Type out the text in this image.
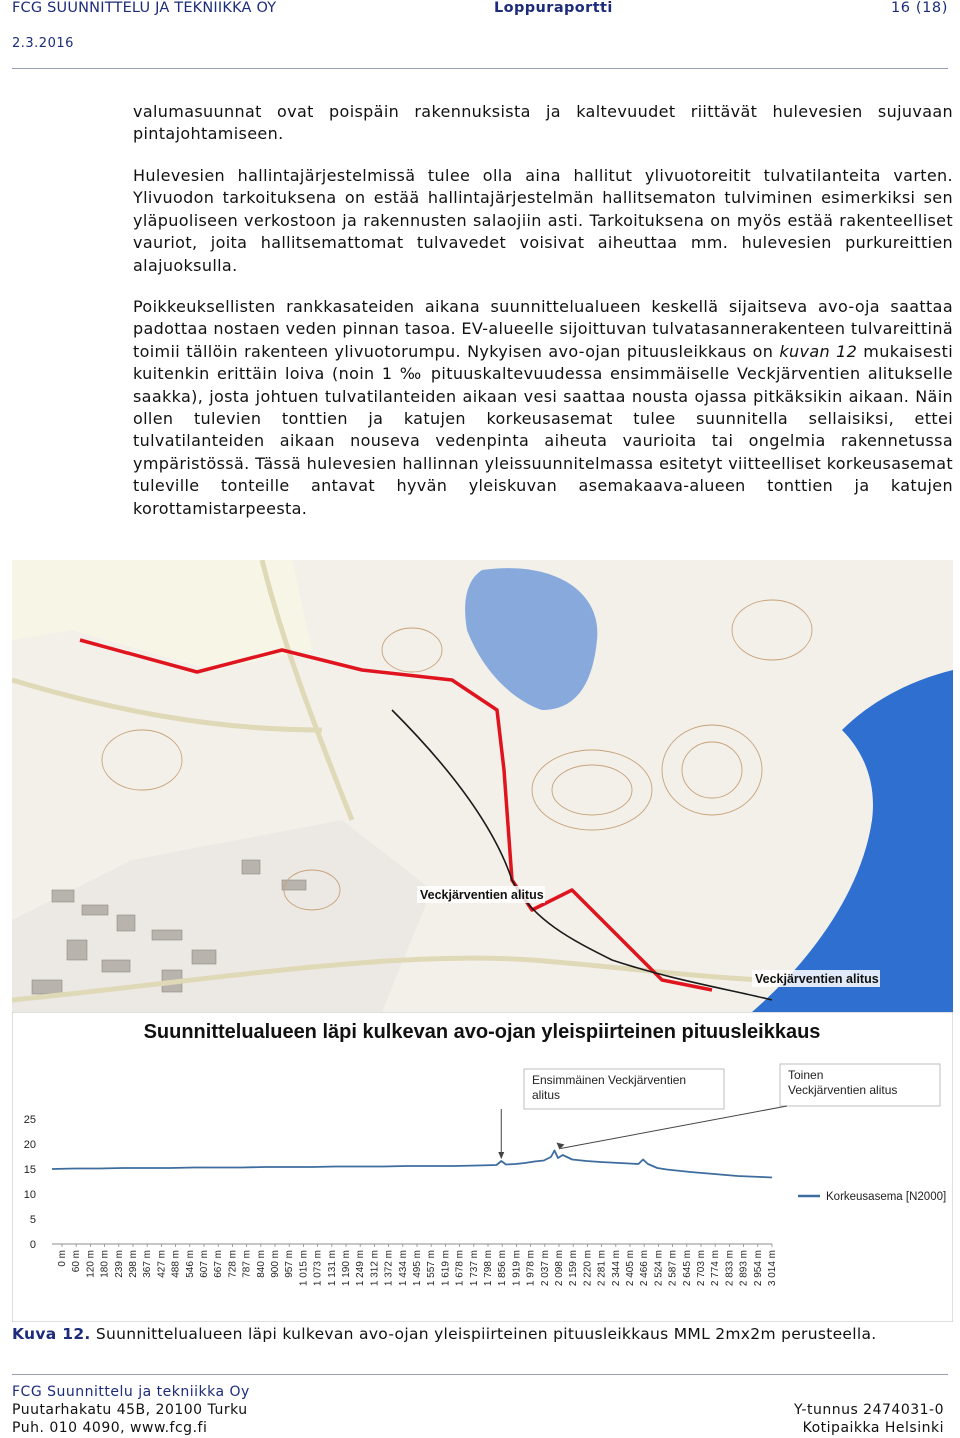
FCG SUUNNITTELU JA TEKNIIKKA OY	Loppuraportti	16 (18)
2.3.2016

valumasuunnat ovat poispäin rakennuksista ja kaltevuudet riittävät hulevesien sujuvaan pintajohtamiseen.

Hulevesien hallintajärjestelmissä tulee olla aina hallitut ylivuotoreitit tulvatilanteita varten. Ylivuodon tarkoituksena on estää hallintajärjestelmän hallitsematon tulviminen esimerkiksi sen yläpuoliseen verkostoon ja rakennusten salaojiin asti. Tarkoituksena on myös estää rakenteelliset vauriot, joita hallitsemattomat tulvavedet voisivat aiheuttaa mm. hulevesien purkureittien alajuoksulla.

Poikkeuksellisten rankkasateiden aikana suunnittelualueen keskellä sijaitseva avo-oja saattaa padottaa nostaen veden pinnan tasoa. EV-alueelle sijoittuvan tulvatasannerakenteen tulvareittinä toimii tällöin rakenteen ylivuotorumpu. Nykyisen avo-ojan pituusleikkaus on kuvan 12 mukaisesti kuitenkin erittäin loiva (noin 1 ‰ pituuskaltevuudessa ensimmäiselle Veckjärventien alitukselle saakka), josta johtuen tulvatilanteiden aikaan vesi saattaa nousta ojassa pitkäksikin aikaan. Näin ollen tulevien tonttien ja katujen korkeusasemat tulee suunnitella sellaisiksi, ettei tulvatilanteiden aikaan nouseva vedenpinta aiheuta vaurioita tai ongelmia rakennetussa ympäristössä. Tässä hulevesien hallinnan yleissuunnitelmassa esitetyt viitteelliset korkeusasemat tuleville tonteille antavat hyvän yleiskuvan asemakaava-alueen tonttien ja katujen korottamistarpeesta.

Veckjärventien alitus
Veckjärventien alitus
Suunnittelualueen läpi kulkevan avo-ojan yleispiirteinen pituusleikkaus
0
5
10
15
20
25
0 m 60 m 120 m 180 m 239 m 298 m 367 m 427 m 488 m 546 m 607 m 667 m 728 m 787 m 840 m 900 m 957 m 1 015 m 1 073 m 1 131 m 1 190 m 1 249 m 1 312 m 1 372 m 1 434 m 1 495 m 1 557 m 1 619 m 1 678 m 1 737 m 1 798 m 1 856 m 1 919 m 1 978 m 2 037 m 2 098 m 2 159 m 2 220 m 2 281 m 2 344 m 2 405 m 2 466 m 2 524 m 2 587 m 2 645 m 2 703 m 2 774 m 2 833 m 2 893 m 2 954 m 3 014 m
Korkeusasema [N2000]
Ensimmäinen Veckjärventien alitus
Toinen Veckjärventien alitus
Kuva 12. Suunnittelualueen läpi kulkevan avo-ojan yleispiirteinen pituusleikkaus MML 2mx2m perusteella.
FCG Suunnittelu ja tekniikka Oy
Puutarhakatu 45B, 20100 Turku
Puh. 010 4090, www.fcg.fi
Y-tunnus 2474031-0
Kotipaikka Helsinki
